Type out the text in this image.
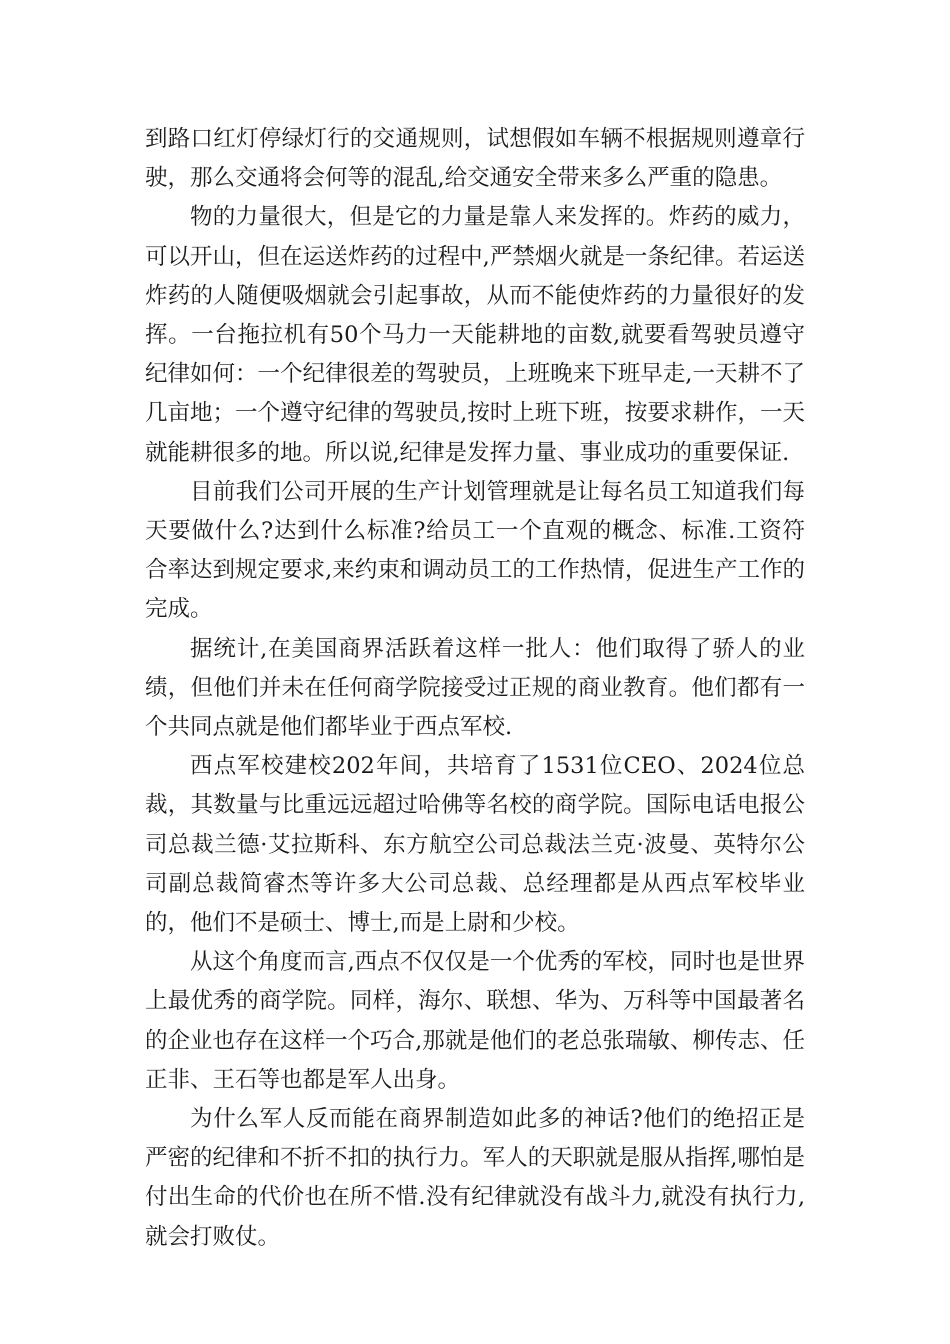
到路口红灯停绿灯行的交通规则，试想假如车辆不根据规则遵章行驶，那么交通将会何等的混乱,给交通安全带来多么严重的隐患。

物的力量很大，但是它的力量是靠人来发挥的。炸药的威力，可以开山，但在运送炸药的过程中,严禁烟火就是一条纪律。若运送炸药的人随便吸烟就会引起事故，从而不能使炸药的力量很好的发挥。一台拖拉机有50个马力一天能耕地的亩数,就要看驾驶员遵守纪律如何：一个纪律很差的驾驶员，上班晚来下班早走,一天耕不了几亩地；一个遵守纪律的驾驶员,按时上班下班，按要求耕作，一天就能耕很多的地。所以说,纪律是发挥力量、事业成功的重要保证.

目前我们公司开展的生产计划管理就是让每名员工知道我们每天要做什么?达到什么标准?给员工一个直观的概念、标准.工资符合率达到规定要求,来约束和调动员工的工作热情，促进生产工作的完成。

据统计,在美国商界活跃着这样一批人：他们取得了骄人的业绩，但他们并未在任何商学院接受过正规的商业教育。他们都有一个共同点就是他们都毕业于西点军校.

西点军校建校202年间，共培育了1531位CEO、2024位总裁，其数量与比重远远超过哈佛等名校的商学院。国际电话电报公司总裁兰德·艾拉斯科、东方航空公司总裁法兰克·波曼、英特尔公司副总裁简睿杰等许多大公司总裁、总经理都是从西点军校毕业的，他们不是硕士、博士,而是上尉和少校。

从这个角度而言,西点不仅仅是一个优秀的军校，同时也是世界上最优秀的商学院。同样，海尔、联想、华为、万科等中国最著名的企业也存在这样一个巧合,那就是他们的老总张瑞敏、柳传志、任正非、王石等也都是军人出身。

为什么军人反而能在商界制造如此多的神话?他们的绝招正是严密的纪律和不折不扣的执行力。军人的天职就是服从指挥,哪怕是付出生命的代价也在所不惜.没有纪律就没有战斗力,就没有执行力,就会打败仗。
